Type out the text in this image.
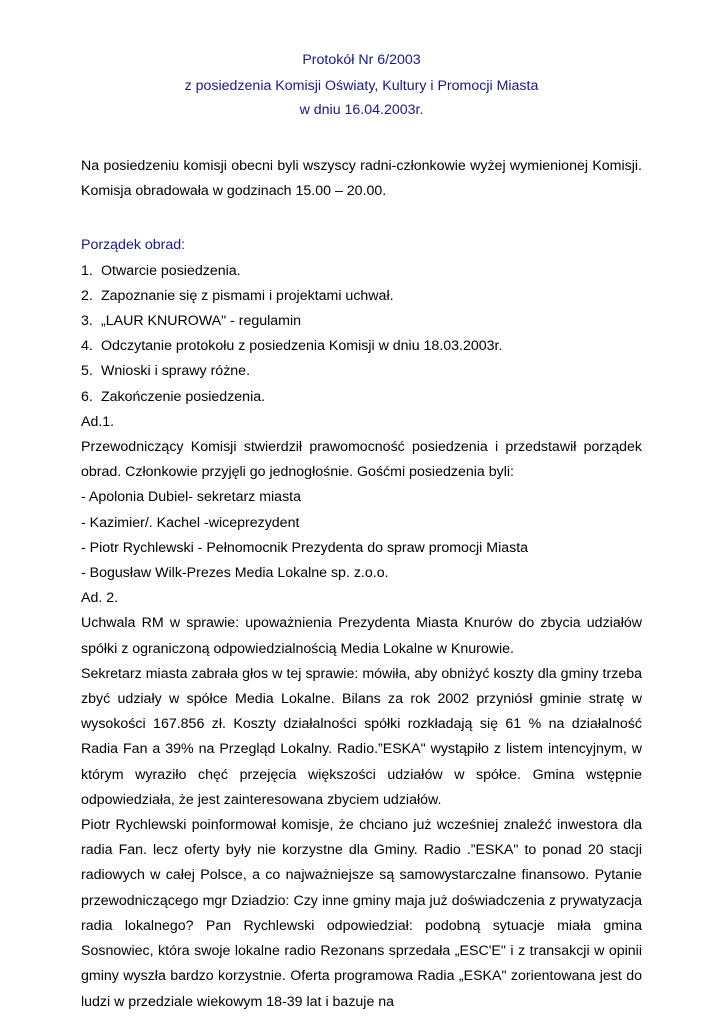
Protokół Nr 6/2003
z posiedzenia Komisji Oświaty, Kultury i Promocji Miasta
w dniu 16.04.2003r.

Na posiedzeniu komisji obecni byli wszyscy radni-członkowie wyżej wymienionej Komisji. Komisja obradowała w godzinach 15.00 – 20.00.

Porządek obrad:
1. Otwarcie posiedzenia.
2. Zapoznanie się z pismami i projektami uchwał.
3. „LAUR KNUROWA" - regulamin
4. Odczytanie protokołu z posiedzenia Komisji w dniu 18.03.2003r.
5. Wnioski i sprawy różne.
6. Zakończenie posiedzenia.
Ad.1.

Przewodniczący Komisji stwierdził prawomocność posiedzenia i przedstawił porządek obrad. Członkowie przyjęli go jednogłośnie. Gośćmi posiedzenia byli:

- Apolonia Dubiel- sekretarz miasta
- Kazimier/. Kachel -wiceprezydent
- Piotr Rychlewski - Pełnomocnik Prezydenta do spraw promocji Miasta
- Bogusław Wilk-Prezes Media Lokalne sp. z.o.o.
Ad. 2.

Uchwala RM w sprawie: upoważnienia Prezydenta Miasta Knurów do zbycia udziałów spółki z ograniczoną odpowiedzialnością Media Lokalne w Knurowie.

Sekretarz miasta zabrała głos w tej sprawie: mówiła, aby obniżyć koszty dla gminy trzeba zbyć udziały w spółce Media Lokalne. Bilans za rok 2002 przyniósł gminie stratę w wysokości 167.856 zł. Koszty działalności spółki rozkładają się 61 % na działalność Radia Fan a 39% na Przegląd Lokalny. Radio.”ESKA" wystąpiło z listem intencyjnym, w którym wyraziło chęć przejęcia większości udziałów w spółce. Gmina wstępnie odpowiedziała, że jest zainteresowana zbyciem udziałów.

Piotr Rychlewski poinformował komisje, że chciano już wcześniej znaleźć inwestora dla radia Fan. lecz oferty były nie korzystne dla Gminy. Radio .”ESKA" to ponad 20 stacji radiowych w całej Polsce, a co najważniejsze są samowystarczalne finansowo. Pytanie przewodniczącego mgr Dziadzio: Czy inne gminy maja już doświadczenia z prywatyzacja radia lokalnego? Pan Rychlewski odpowiedział: podobną sytuacje miała gmina Sosnowiec, która swoje lokalne radio Rezonans sprzedała „ESC'E" i z transakcji w opinii gminy wyszła bardzo korzystnie. Oferta programowa Radia „ESKA" zorientowana jest do ludzi w przedziale wiekowym 18-39 lat i bazuje na
